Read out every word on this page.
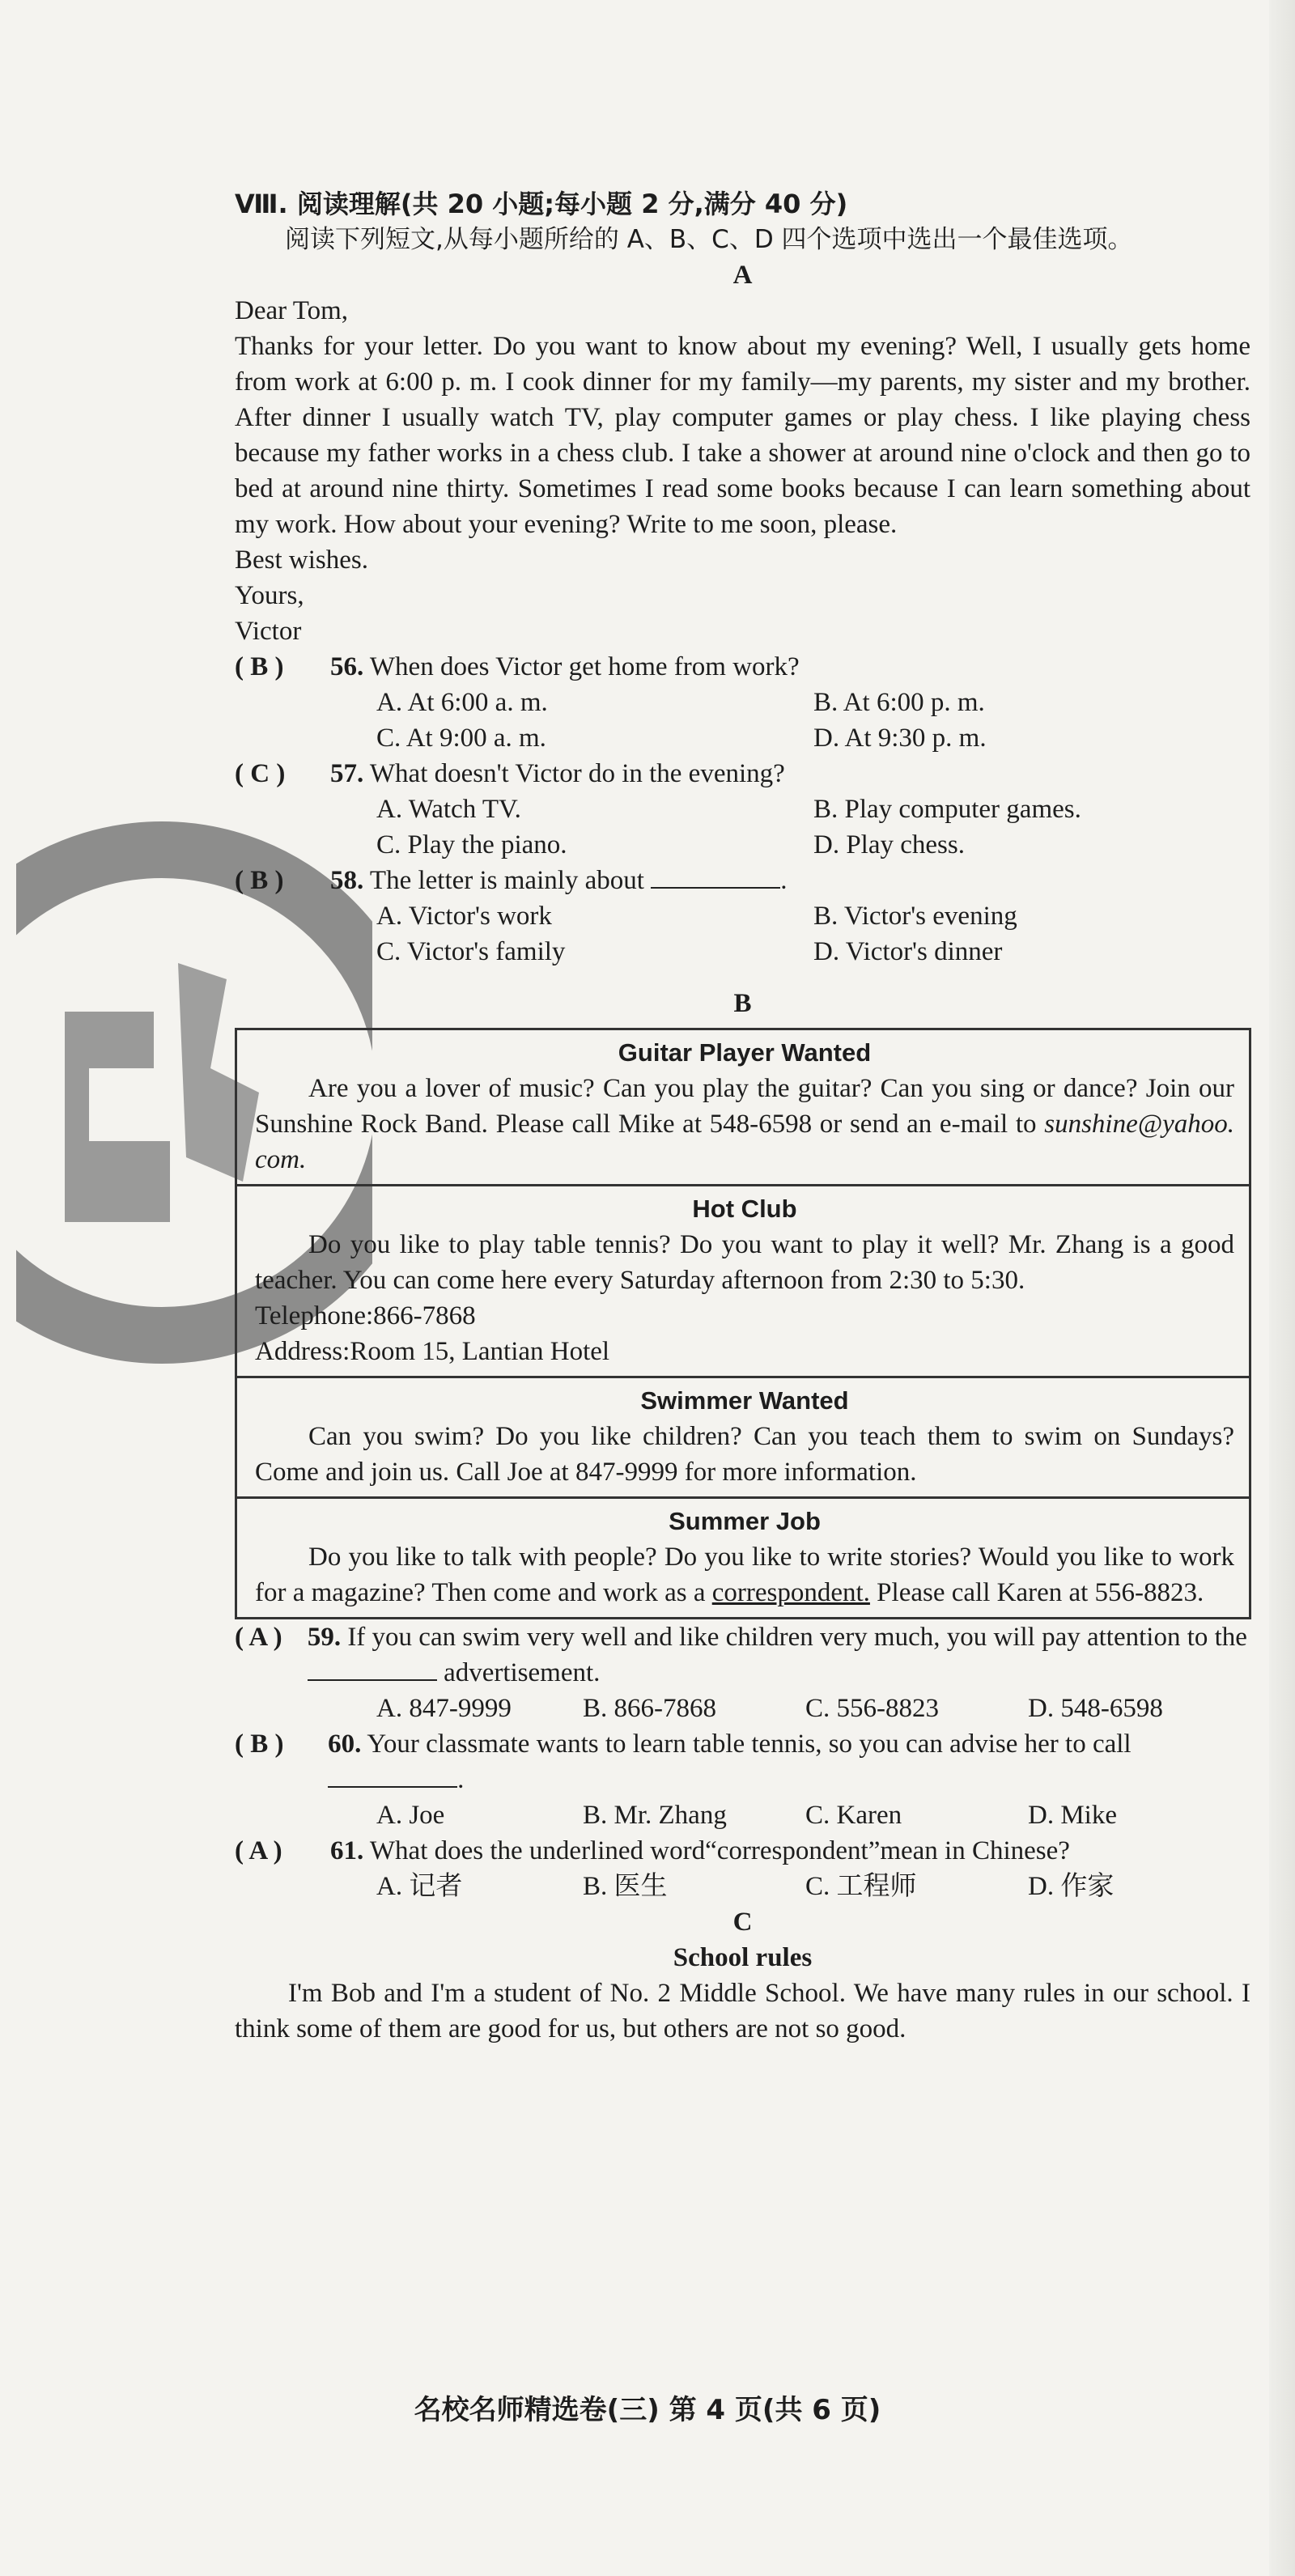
Ⅷ. 阅读理解(共 20 小题;每小题 2 分,满分 40 分)

阅读下列短文,从每小题所给的 A、B、C、D 四个选项中选出一个最佳选项。

A

Dear Tom,

Thanks for your letter. Do you want to know about my evening? Well, I usually gets home from work at 6:00 p. m. I cook dinner for my family—my parents, my sister and my brother. After dinner I usually watch TV, play computer games or play chess. I like playing chess because my father works in a chess club. I take a shower at around nine o'clock and then go to bed at around nine thirty. Sometimes I read some books because I can learn something about my work. How about your evening? Write to me soon, please.

Best wishes.

Yours,

Victor

( B )	56. When does Victor get home from work?
A. At 6:00 a. m.	B. At 6:00 p. m.
C. At 9:00 a. m.	D. At 9:30 p. m.
( C )	57. What doesn't Victor do in the evening?
A. Watch TV.	B. Play computer games.
C. Play the piano.	D. Play chess.
( B )	58. The letter is mainly about	.
A. Victor's work	B. Victor's evening
C. Victor's family	D. Victor's dinner

B

Guitar Player Wanted

Are you a lover of music? Can you play the guitar? Can you sing or dance? Join our Sunshine Rock Band. Please call Mike at 548-6598 or send an e-mail to sunshine@yahoo. com.

Hot Club

Do you like to play table tennis? Do you want to play it well? Mr. Zhang is a good teacher. You can come here every Saturday afternoon from 2:30 to 5:30.

Telephone:866-7868

Address:Room 15, Lantian Hotel

Swimmer Wanted

Can you swim? Do you like children? Can you teach them to swim on Sundays? Come and join us. Call Joe at 847-9999 for more information.

Summer Job

Do you like to talk with people? Do you like to write stories? Would you like to work for a magazine? Then come and work as a correspondent. Please call Karen at 556-8823.

( A ) 59. If you can swim very well and like children very much, you will pay attention to the  advertisement.
A. 847-9999	B. 866-7868	C. 556-8823	D. 548-6598
( B )	60. Your classmate wants to learn table tennis, so you can advise her to call .
A. Joe	B. Mr. Zhang	C. Karen	D. Mike
( A )	61. What does the underlined word“correspondent”mean in Chinese?
A. 记者	B. 医生	C. 工程师	D. 作家

C

School rules

I'm Bob and I'm a student of No. 2 Middle School. We have many rules in our school. I think some of them are good for us, but others are not so good.

名校名师精选卷(三) 第 4 页(共 6 页)
